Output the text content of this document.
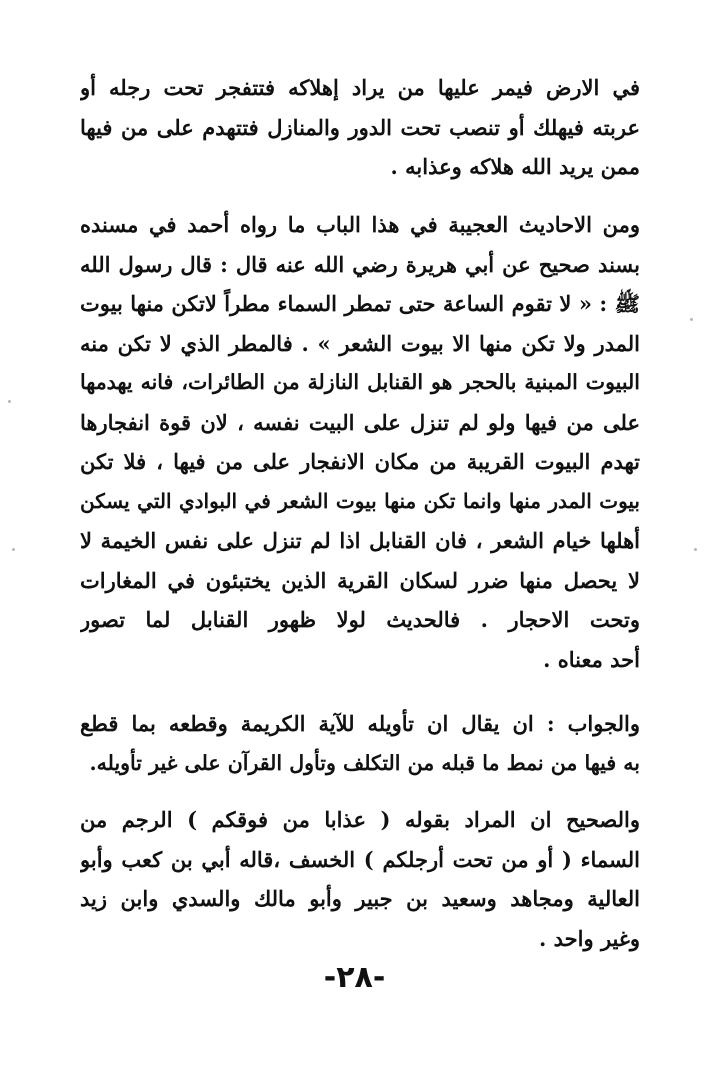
في الارض فيمر عليها من يراد إهلاكه فتتفجر تحت رجله أو
عربته فيهلك أو تنصب تحت الدور والمنازل فتتهدم على من فيها
ممن يريد الله هلاكه وعذابه .
ومن الاحاديث العجيبة في هذا الباب ما رواه أحمد في مسنده
بسند صحيح عن أبي هريرة رضي الله عنه قال : قال رسول الله
ﷺ : « لا تقوم الساعة حتى تمطر السماء مطراً لاتكن منها بيوت
المدر ولا تكن منها الا بيوت الشعر » . فالمطر الذي لا تكن منه
البيوت المبنية بالحجر هو القنابل النازلة من الطائرات، فانه يهدمها
على من فيها ولو لم تنزل على البيت نفسه ، لان قوة انفجارها
تهدم البيوت القريبة من مكان الانفجار على من فيها ، فلا تكن
بيوت المدر منها وانما تكن منها بيوت الشعر في البوادي التي يسكن
أهلها خيام الشعر ، فان القنابل اذا لم تنزل على نفس الخيمة لا
لا يحصل منها ضرر لسكان القرية الذين يختبئون في المغارات
وتحت الاحجار . فالحديث لولا ظهور القنابل لما تصور
أحد معناه .
والجواب : ان يقال ان تأويله للآية الكريمة وقطعه بما قطع
به فيها من نمط ما قبله من التكلف وتأول القرآن على غير تأويله.
والصحيح ان المراد بقوله ( عذابا من فوقكم ) الرجم من
السماء ( أو من تحت أرجلكم ) الخسف ،قاله أبي بن كعب وأبو
العالية ومجاهد وسعيد بن جبير وأبو مالك والسدي وابن زيد
وغير واحد .
-٢٨-
